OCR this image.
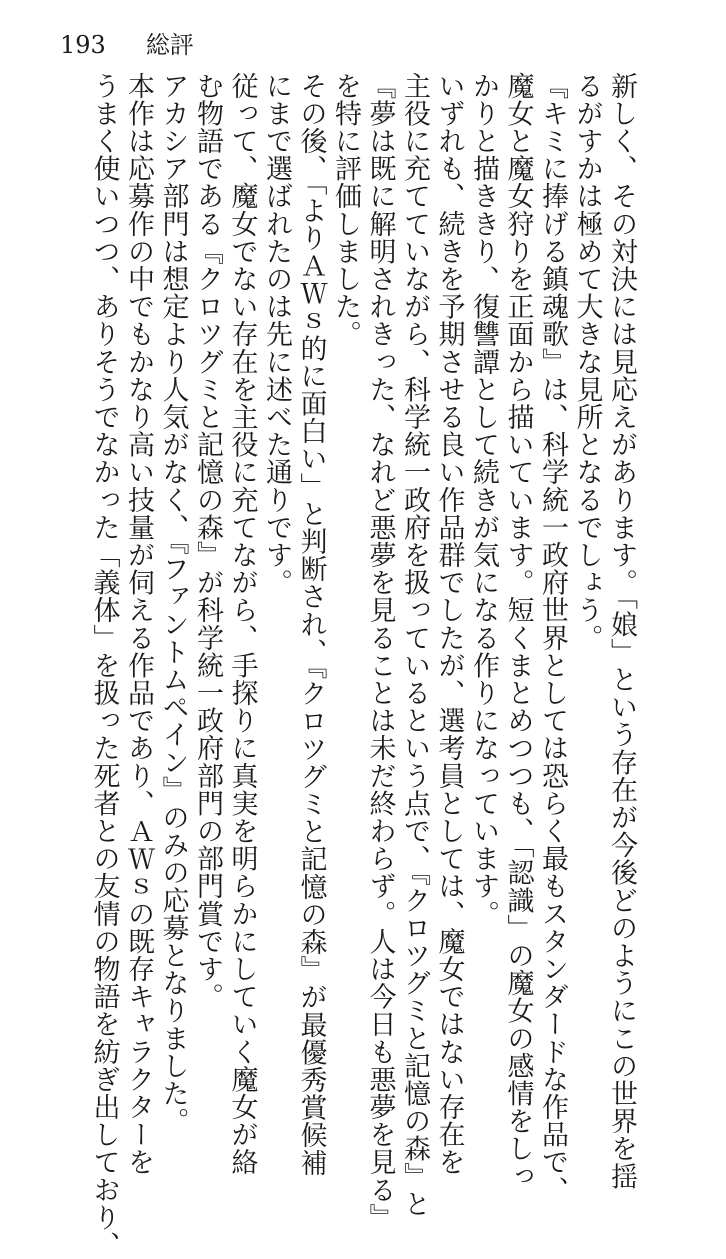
193 総評

新しく、その対決には見応えがあります。「娘」という存在が今後どのようにこの世界を揺

るがすかは極めて大きな見所となるでしょう。

『キミに捧げる鎮魂歌』は、科学統一政府世界としては恐らく最もスタンダードな作品で、

魔女と魔女狩りを正面から描いています。短くまとめつつも、「認識」の魔女の感情をしっ

かりと描ききり、復讐譚として続きが気になる作りになっています。

いずれも、続きを予期させる良い作品群でしたが、選考員としては、魔女ではない存在を

主役に充てていながら、科学統一政府を扱っているという点で、『クロツグミと記憶の森』と

『夢は既に解明されきった、なれど悪夢を見ることは未だ終わらず。人は今日も悪夢を見る』

を特に評価しました。

その後、「よりＡＷｓ的に面白い」と判断され、『クロツグミと記憶の森』が最優秀賞候補

にまで選ばれたのは先に述べた通りです。

従って、魔女でない存在を主役に充てながら、手探りに真実を明らかにしていく魔女が絡

む物語である『クロツグミと記憶の森』が科学統一政府部門の部門賞です。

アカシア部門は想定より人気がなく、『ファントムペイン』のみの応募となりました。

本作は応募作の中でもかなり高い技量が伺える作品であり、ＡＷｓの既存キャラクターを

うまく使いつつ、ありそうでなかった「義体」を扱った死者との友情の物語を紡ぎ出しており、
